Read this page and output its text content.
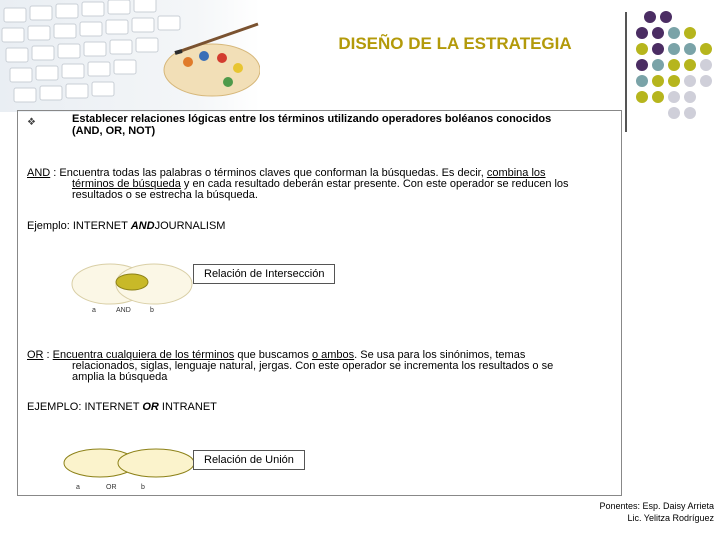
DISEÑO DE LA ESTRATEGIA
❖	Establecer relaciones lógicas entre los términos utilizando operadores boléanos conocidos
(AND, OR, NOT)
AND : Encuentra todas las palabras o términos claves que conforman la búsquedas. Es decir, combina los
términos de búsqueda y en cada resultado deberán estar presente. Con este operador se reducen los
resultados o se estrecha la búsqueda.
Ejemplo: INTERNET ANDJOURNALISM
Relación de Intersección
a	AND	b
OR : Encuentra cualquiera de los términos que buscamos o ambos. Se usa para los sinónimos, temas
relacionados, siglas, lenguaje natural, jergas. Con este operador se incrementa los resultados o se
amplia la búsqueda
EJEMPLO: INTERNET OR INTRANET
Relación de Unión
a	OR	b
Ponentes: Esp. Daisy Arrieta
Lic. Yelitza Rodríguez
